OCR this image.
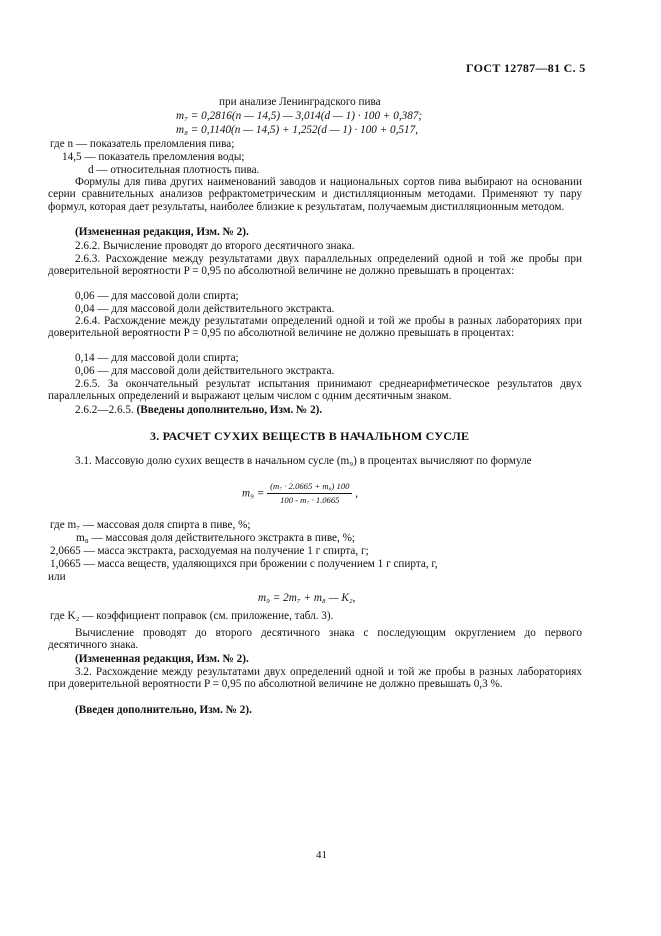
ГОСТ 12787—81 С. 5
при анализе Ленинградского пива
m₇ = 0,2816(n — 14,5) — 3,014(d — 1) · 100 + 0,387;
m₈ = 0,1140(n — 14,5) + 1,252(d — 1) · 100 + 0,517,
где n — показатель преломления пива;
14,5 — показатель преломления воды;
d — относительная плотность пива.
Формулы для пива других наименований заводов и национальных сортов пива выбирают на основании серии сравнительных анализов рефрактометрическим и дистилляционным методами. Применяют ту пару формул, которая дает результаты, наиболее близкие к результатам, получаемым дистилляционным методом.
(Измененная редакция, Изм. № 2).
2.6.2. Вычисление проводят до второго десятичного знака.
2.6.3. Расхождение между результатами двух параллельных определений одной и той же пробы при доверительной вероятности P = 0,95 по абсолютной величине не должно превышать в процентах:
0,06 — для массовой доли спирта;
0,04 — для массовой доли действительного экстракта.
2.6.4. Расхождение между результатами определений одной и той же пробы в разных лабораториях при доверительной вероятности P = 0,95 по абсолютной величине не должно превышать в процентах:
0,14 — для массовой доли спирта;
0,06 — для массовой доли действительного экстракта.
2.6.5. За окончательный результат испытания принимают среднеарифметическое результатов двух параллельных определений и выражают целым числом с одним десятичным знаком.
2.6.2—2.6.5. (Введены дополнительно, Изм. № 2).
3. РАСЧЕТ СУХИХ ВЕЩЕСТВ В НАЧАЛЬНОМ СУСЛЕ
3.1. Массовую долю сухих веществ в начальном сусле (m₉) в процентах вычисляют по формуле
$m_9 = \frac{\text{(m₇ · 2.0665 + m₈) 100}}{\text{100 - m₇ · 1.0665}}$ ,
где m₇ — массовая доля спирта в пиве, %;
m₈ — массовая доля действительного экстракта в пиве, %;
2,0665 — масса экстракта, расходуемая на получение 1 г спирта, г;
1,0665 — масса веществ, удаляющихся при брожении с получением 1 г спирта, г,
или
m₉ = 2m₇ + m₈ — K₂,
где K₂ — коэффициент поправок (см. приложение, табл. 3).
Вычисление проводят до второго десятичного знака с последующим округлением до первого десятичного знака.
(Измененная редакция, Изм. № 2).
3.2. Расхождение между результатами двух определений одной и той же пробы в разных лабораториях при доверительной вероятности P = 0,95 по абсолютной величине не должно превышать 0,3 %.
(Введен дополнительно, Изм. № 2).
41
